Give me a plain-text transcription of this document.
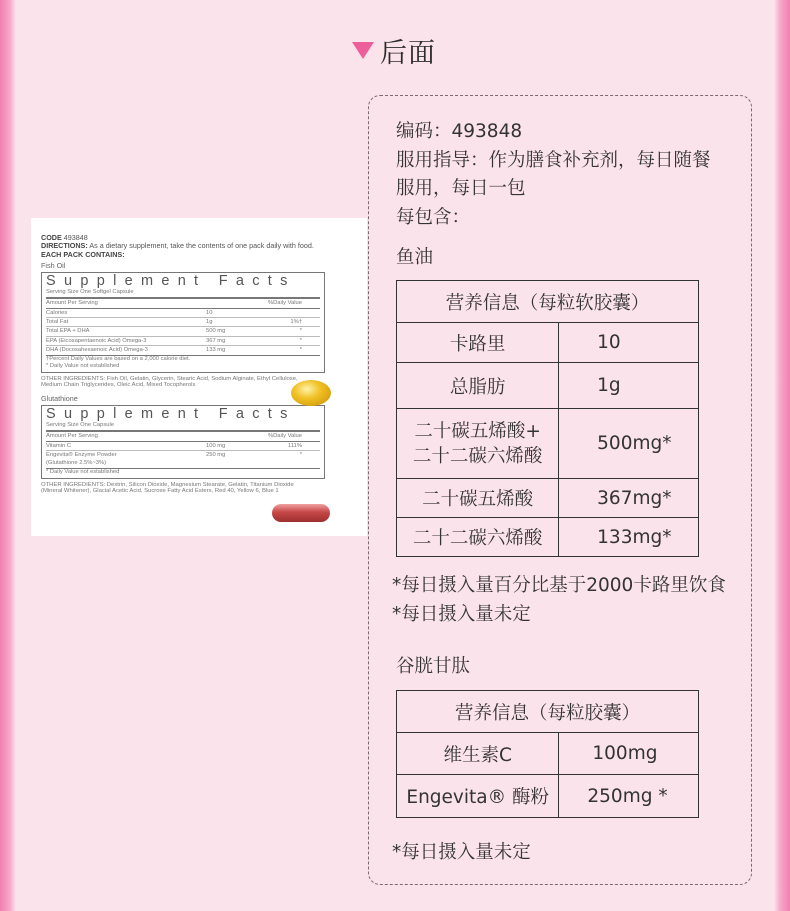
后面
CODE 493848
DIRECTIONS: As a dietary supplement, take the contents of one pack daily with food.
EACH PACK CONTAINS:
Fish Oil
Supplement Facts
Serving Size One Softgel Capsule
Amount Per Serving	%Daily Value
Calories	10
Total Fat	1g	1%†
Total EPA + DHA	500 mg	*
EPA (Eicosapentaenoic Acid) Omega-3	367 mg	*
DHA (Docosahexaenoic Acid) Omega-3	133 mg	*
†Percent Daily Values are based on a 2,000 calorie diet.
* Daily Value not established
OTHER INGREDIENTS: Fish Oil, Gelatin, Glycerin, Stearic Acid, Sodium Alginate, Ethyl Cellulose, Medium Chain Triglycerides, Oleic Acid, Mixed Tocopherols
Glutathione
Supplement Facts
Serving Size One Capsule
Amount Per Serving	%Daily Value
Vitamin C	100 mg	111%
Engevita® Enzyme Powder (Glutathione 2.5%~3%)
250 mg	*
* Daily Value not established
OTHER INGREDIENTS: Dextrin, Silicon Dioxide, Magnesium Stearate, Gelatin, Titanium Dioxide (Mineral Whitener), Glacial Acetic Acid, Sucrose Fatty Acid Esters, Red 40, Yellow 6, Blue 1
编码：493848
服用指导：作为膳食补充剂，每日随餐
服用，每日一包
每包含：
鱼油
营养信息（每粒软胶囊）	
卡路里	10
总脂肪	1g
二十碳五烯酸+
二十二碳六烯酸	500mg*
二十碳五烯酸	367mg*
二十二碳六烯酸	133mg*
*每日摄入量百分比基于2000卡路里饮食
*每日摄入量未定
谷胱甘肽
营养信息（每粒胶囊）	
维生素C	100mg
Engevita® 酶粉	250mg *
*每日摄入量未定
